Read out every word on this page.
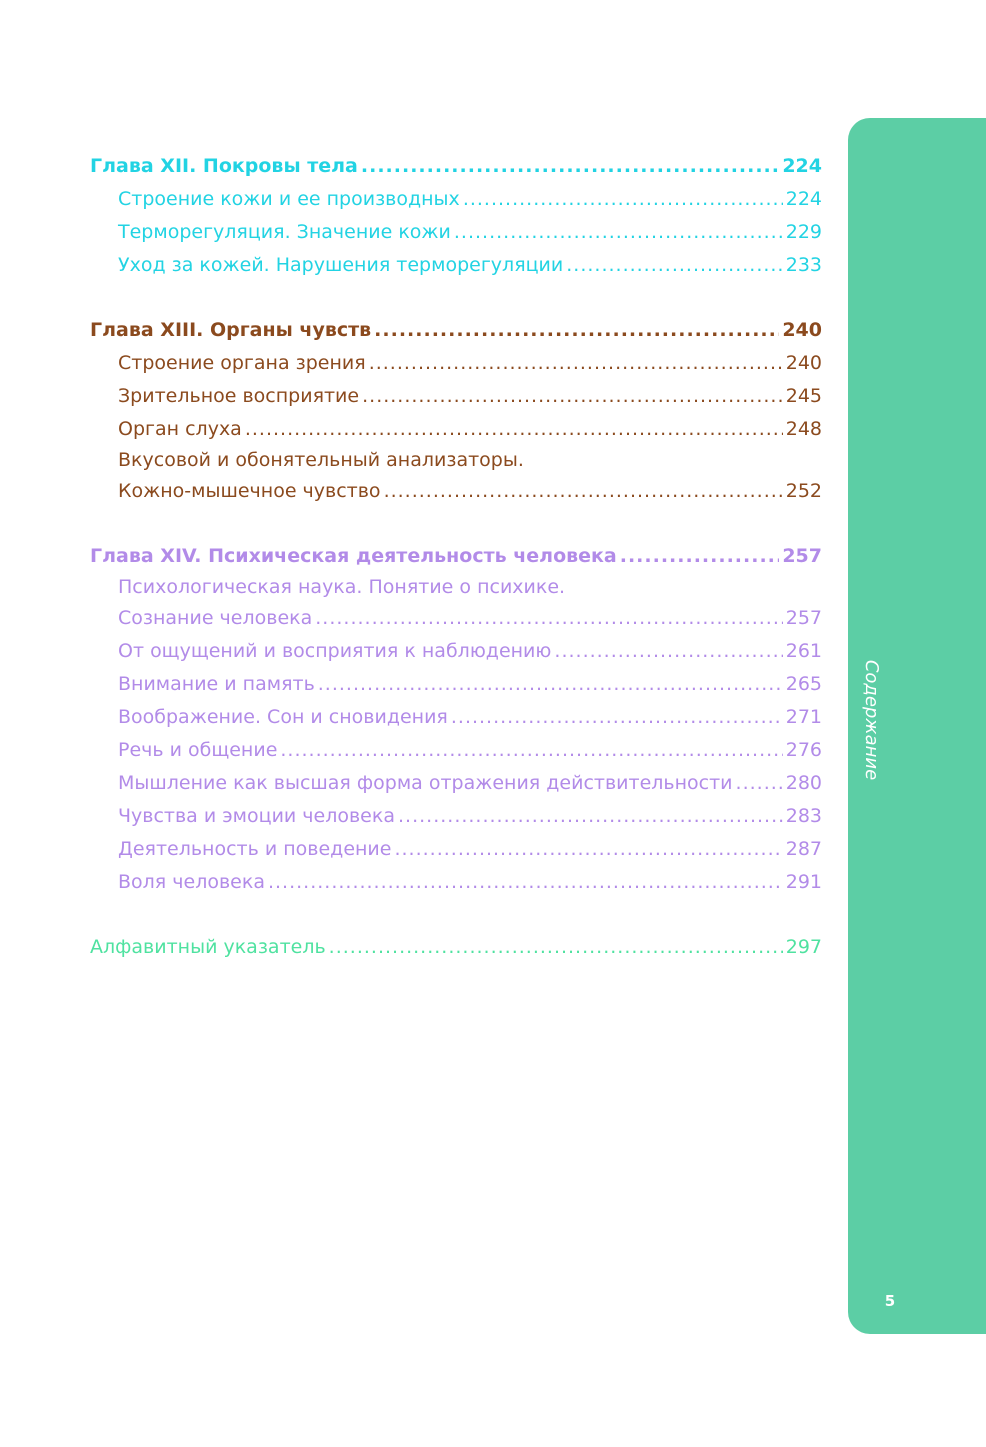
Содержание
5
Глава XII. Покровы тела .....	224
Строение кожи и ее производных .....	224
Терморегуляция. Значение кожи .....	229
Уход за кожей. Нарушения терморегуляции .....	233
Глава XIII. Органы чувств .....	240
Строение органа зрения .....	240
Зрительное восприятие .....	245
Орган слуха .....	248
Вкусовой и обонятельный анализаторы.
Кожно-мышечное чувство .....	252
Глава XIV. Психическая деятельность человека .....	257
Психологическая наука. Понятие о психике.
Сознание человека .....	257
От ощущений и восприятия к наблюдению .....	261
Внимание и память .....	265
Воображение. Сон и сновидения .....	271
Речь и общение .....	276
Мышление как высшая форма отражения действительности .....	280
Чувства и эмоции человека .....	283
Деятельность и поведение .....	287
Воля человека .....	291
Алфавитный указатель .....	297
